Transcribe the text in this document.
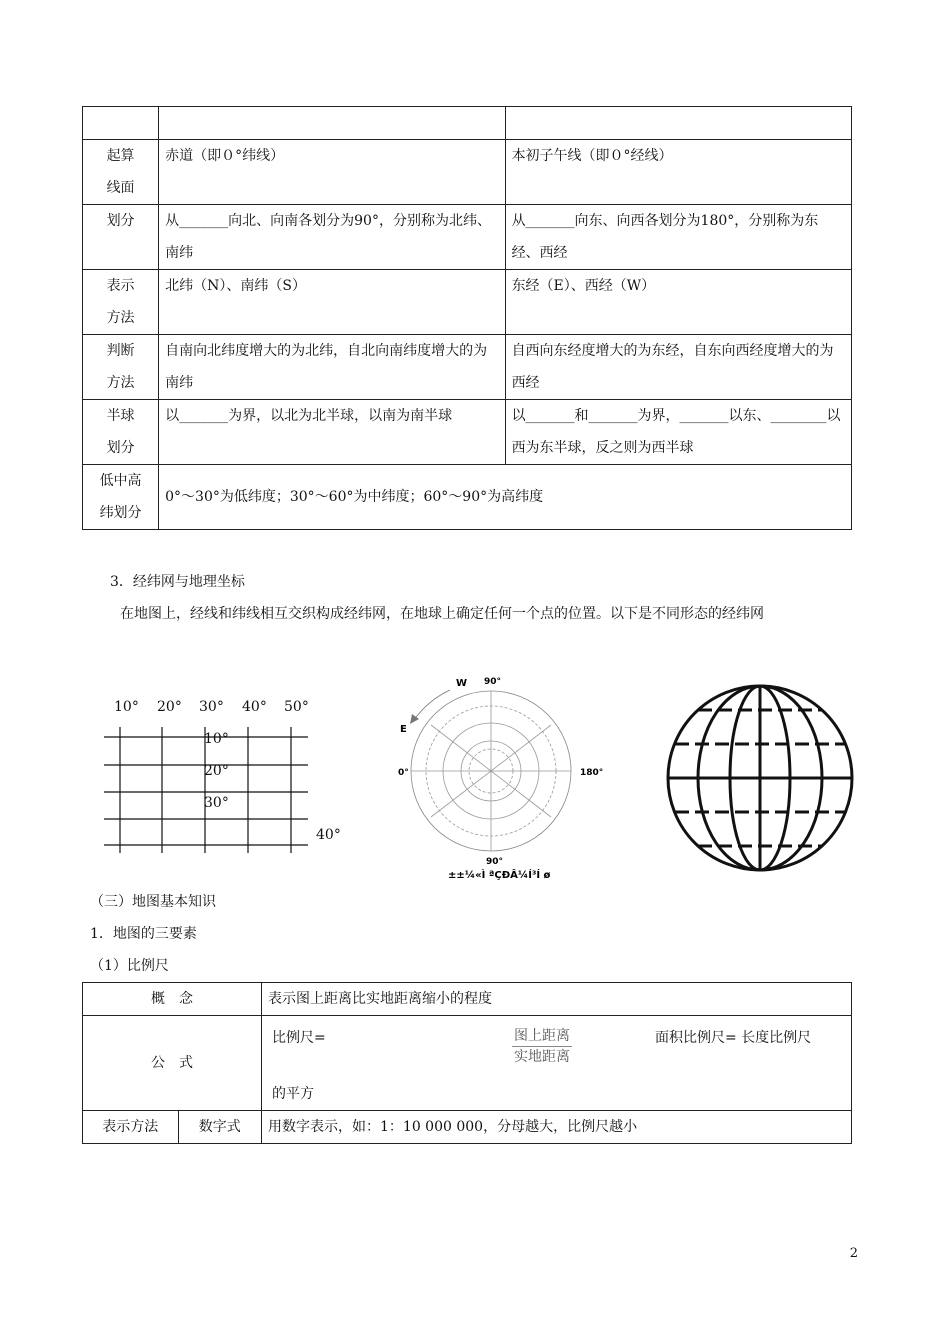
起算
线面	赤道（即０°纬线）	本初子午线（即０°经线）
划分	从_______向北、向南各划分为90°，分别称为北纬、南纬	从_______向东、向西各划分为180°，分别称为东经、西经
表示
方法	北纬（N）、南纬（S）	东经（E）、西经（W）
判断
方法	自南向北纬度增大的为北纬，自北向南纬度增大的为南纬	自西向东经度增大的为东经，自东向西经度增大的为西经
半球
划分	以_______为界，以北为北半球，以南为南半球	以_______和_______为界，_______以东、________以西为东半球，反之则为西半球
低中高
纬划分	0°～30°为低纬度；30°～60°为中纬度；60°～90°为高纬度	
3．经纬网与地理坐标
在地图上，经线和纬线相互交织构成经纬网，在地球上确定任何一个点的位置。以下是不同形态的经纬网
10° 20° 30° 40° 50°
10°
20°
30°
40°
W
E
90°
0°	180°
90°
±±¼«Ì ªÇÐÂ¼Í³Í ø
（三）地图基本知识
1．地图的三要素
（1）比例尺
概　念		表示图上距离比实地距离缩小的程度
公　式		比例尺= 图上距离
实地距离
面积比例尺= 长度比例尺
的平方

表示方法	数字式	用数字表示，如：1：10 000 000，分母越大，比例尺越小
2
